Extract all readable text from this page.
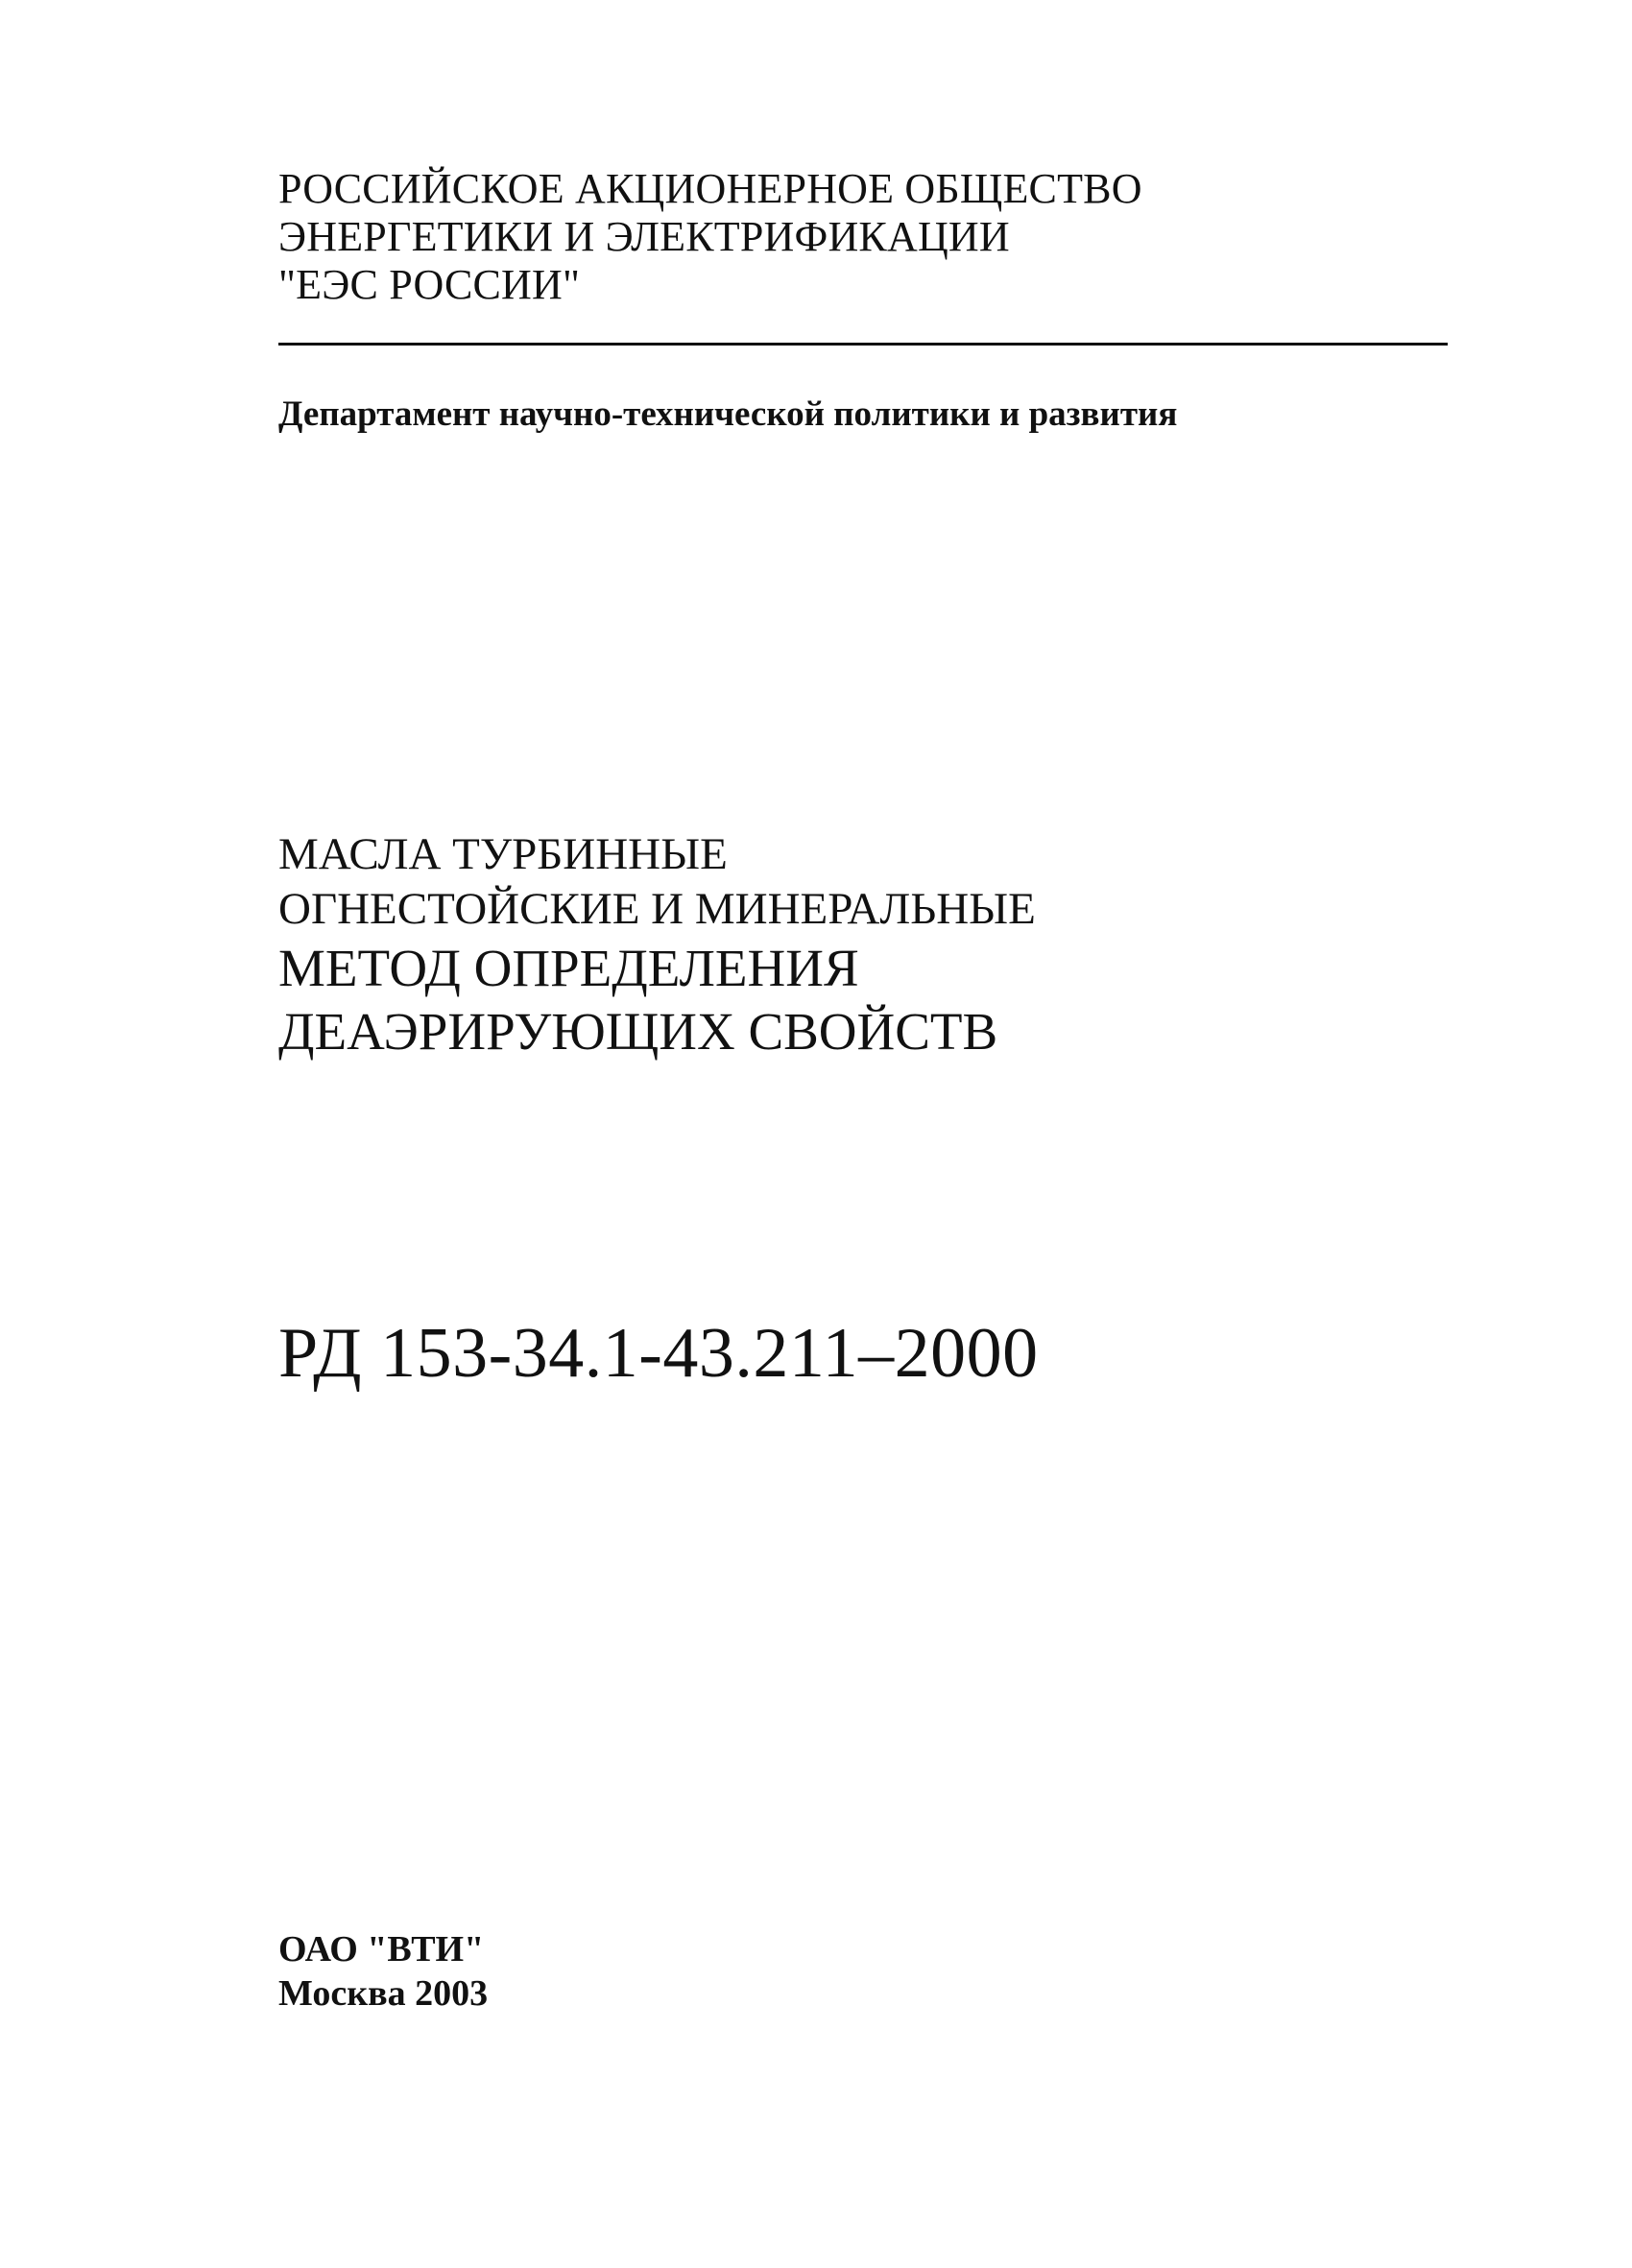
РОССИЙСКОЕ АКЦИОНЕРНОЕ ОБЩЕСТВО
ЭНЕРГЕТИКИ И ЭЛЕКТРИФИКАЦИИ
"ЕЭС РОССИИ"
Департамент научно-технической политики и развития
МАСЛА ТУРБИННЫЕ
ОГНЕСТОЙСКИЕ И МИНЕРАЛЬНЫЕ
МЕТОД ОПРЕДЕЛЕНИЯ
ДЕАЭРИРУЮЩИХ СВОЙСТВ
РД 153-34.1-43.211–2000
ОАО "ВТИ"
Москва 2003
